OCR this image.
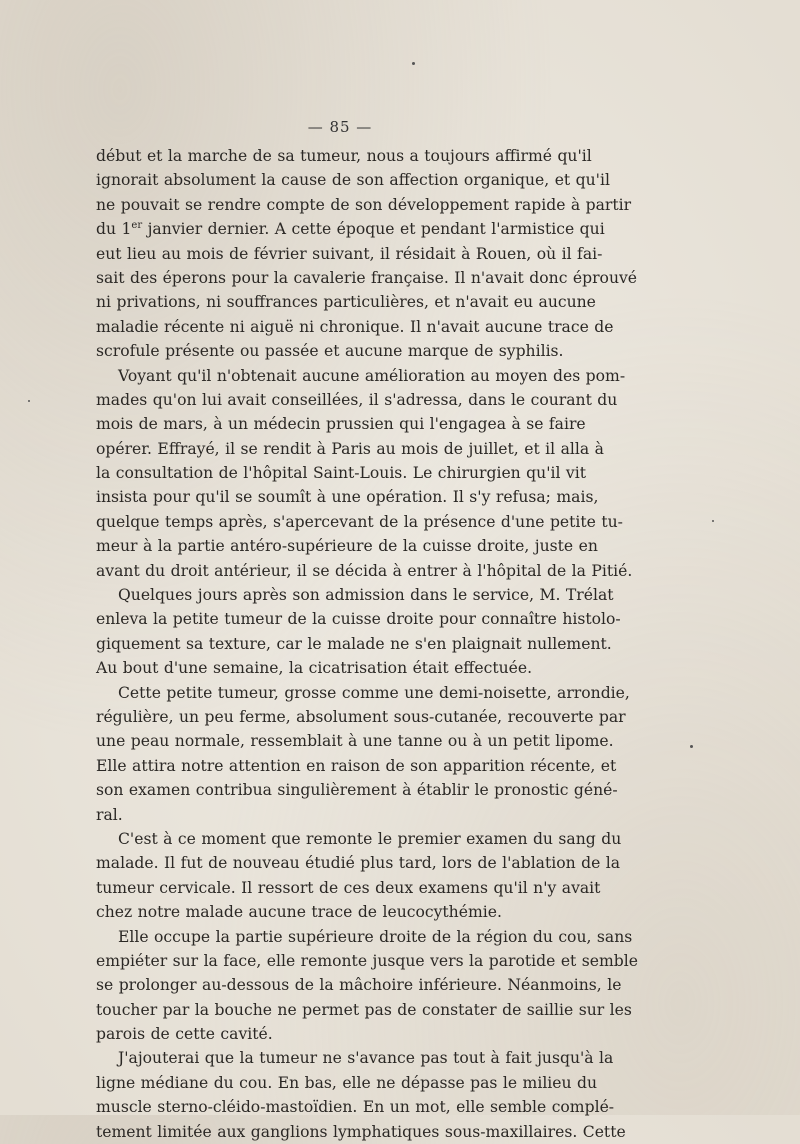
— 85 —
début et la marche de sa tumeur, nous a toujours affirmé qu'il
ignorait absolument la cause de son affection organique, et qu'il
ne pouvait se rendre compte de son développement rapide à partir
du 1er janvier dernier. A cette époque et pendant l'armistice qui
eut lieu au mois de février suivant, il résidait à Rouen, où il fai-
sait des éperons pour la cavalerie française. Il n'avait donc éprouvé
ni privations, ni souffrances particulières, et n'avait eu aucune
maladie récente ni aiguë ni chronique. Il n'avait aucune trace de
scrofule présente ou passée et aucune marque de syphilis.
Voyant qu'il n'obtenait aucune amélioration au moyen des pom-
mades qu'on lui avait conseillées, il s'adressa, dans le courant du
mois de mars, à un médecin prussien qui l'engagea à se faire
opérer. Effrayé, il se rendit à Paris au mois de juillet, et il alla à
la consultation de l'hôpital Saint-Louis. Le chirurgien qu'il vit
insista pour qu'il se soumît à une opération. Il s'y refusa; mais,
quelque temps après, s'apercevant de la présence d'une petite tu-
meur à la partie antéro-supérieure de la cuisse droite, juste en
avant du droit antérieur, il se décida à entrer à l'hôpital de la Pitié.
Quelques jours après son admission dans le service, M. Trélat
enleva la petite tumeur de la cuisse droite pour connaître histolo-
giquement sa texture, car le malade ne s'en plaignait nullement.
Au bout d'une semaine, la cicatrisation était effectuée.
Cette petite tumeur, grosse comme une demi-noisette, arrondie,
régulière, un peu ferme, absolument sous-cutanée, recouverte par
une peau normale, ressemblait à une tanne ou à un petit lipome.
Elle attira notre attention en raison de son apparition récente, et
son examen contribua singulièrement à établir le pronostic géné-
ral.
C'est à ce moment que remonte le premier examen du sang du
malade. Il fut de nouveau étudié plus tard, lors de l'ablation de la
tumeur cervicale. Il ressort de ces deux examens qu'il n'y avait
chez notre malade aucune trace de leucocythémie.
Elle occupe la partie supérieure droite de la région du cou, sans
empiéter sur la face, elle remonte jusque vers la parotide et semble
se prolonger au-dessous de la mâchoire inférieure. Néanmoins, le
toucher par la bouche ne permet pas de constater de saillie sur les
parois de cette cavité.
J'ajouterai que la tumeur ne s'avance pas tout à fait jusqu'à la
ligne médiane du cou. En bas, elle ne dépasse pas le milieu du
muscle sterno-cléido-mastoïdien. En un mot, elle semble complé-
tement limitée aux ganglions lymphatiques sous-maxillaires. Cette
